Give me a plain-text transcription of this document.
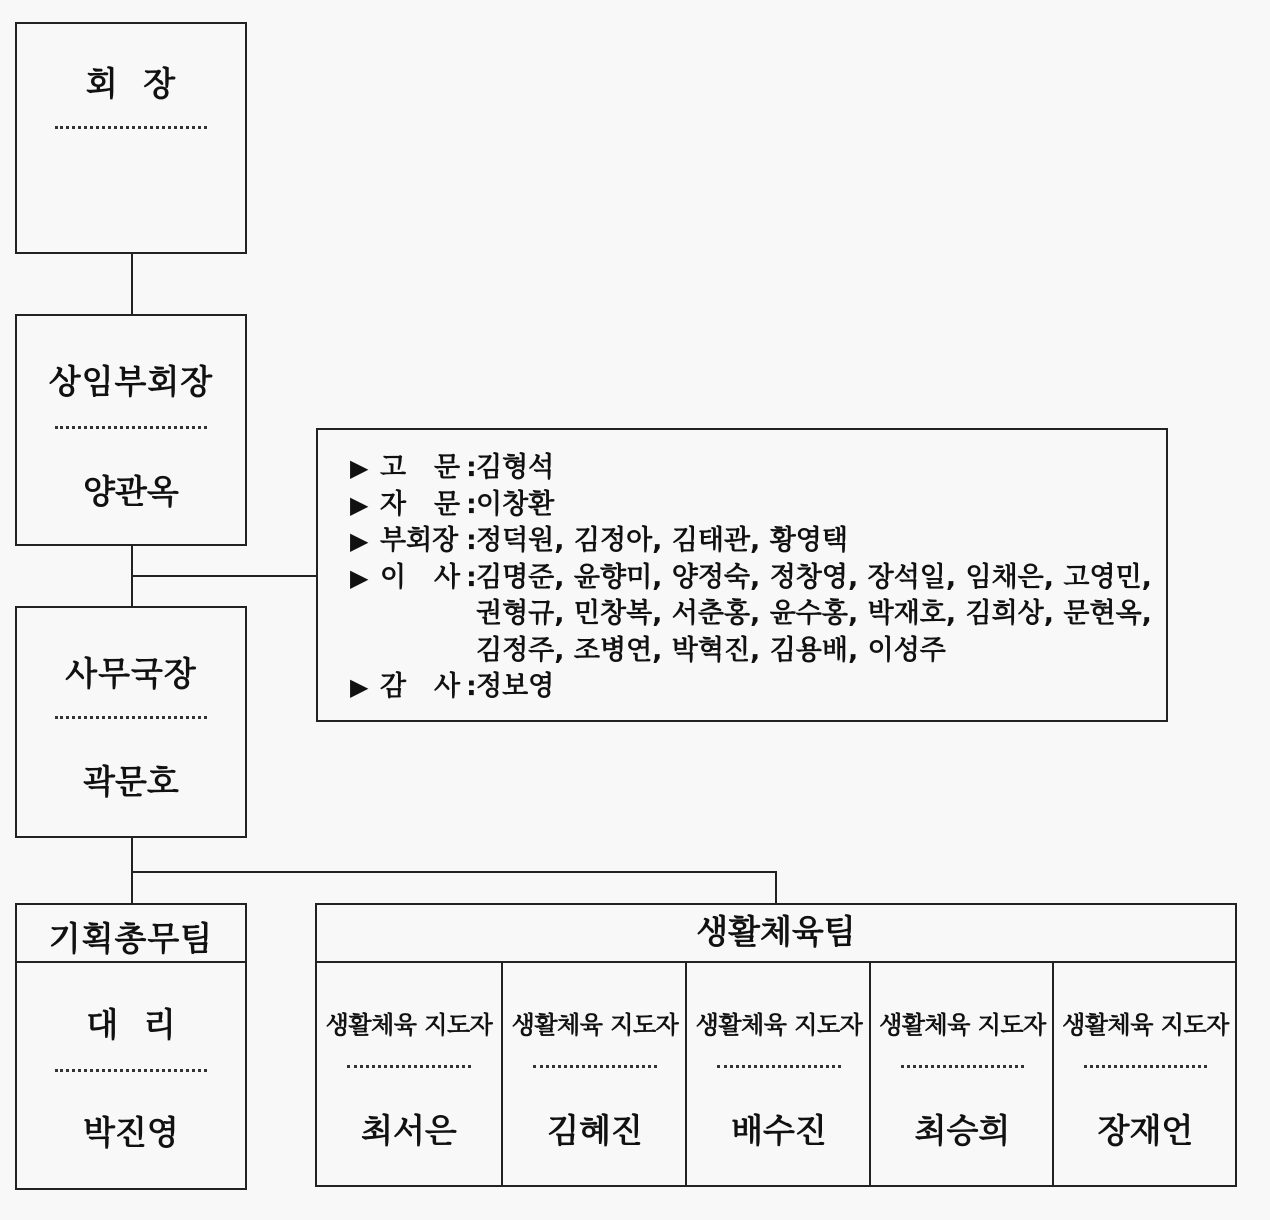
회 장
상임부회장
양관옥
사무국장
곽문호
▶ 고 문 : 김형석
▶ 자 문 : 이창환
▶ 부회장 : 정덕원, 김정아, 김태관, 황영택
▶ 이 사 : 김명준, 윤향미, 양정숙, 정창영, 장석일, 임채은, 고영민,
권형규, 민창복, 서춘홍, 윤수홍, 박재호, 김희상, 문현옥,
김정주, 조병연, 박혁진, 김용배, 이성주
▶ 감 사 : 정보영
기획총무팀
대 리
박진영
생활체육팀
생활체육 지도자
최서은
생활체육 지도자
김혜진
생활체육 지도자
배수진
생활체육 지도자
최승희
생활체육 지도자
장재언
